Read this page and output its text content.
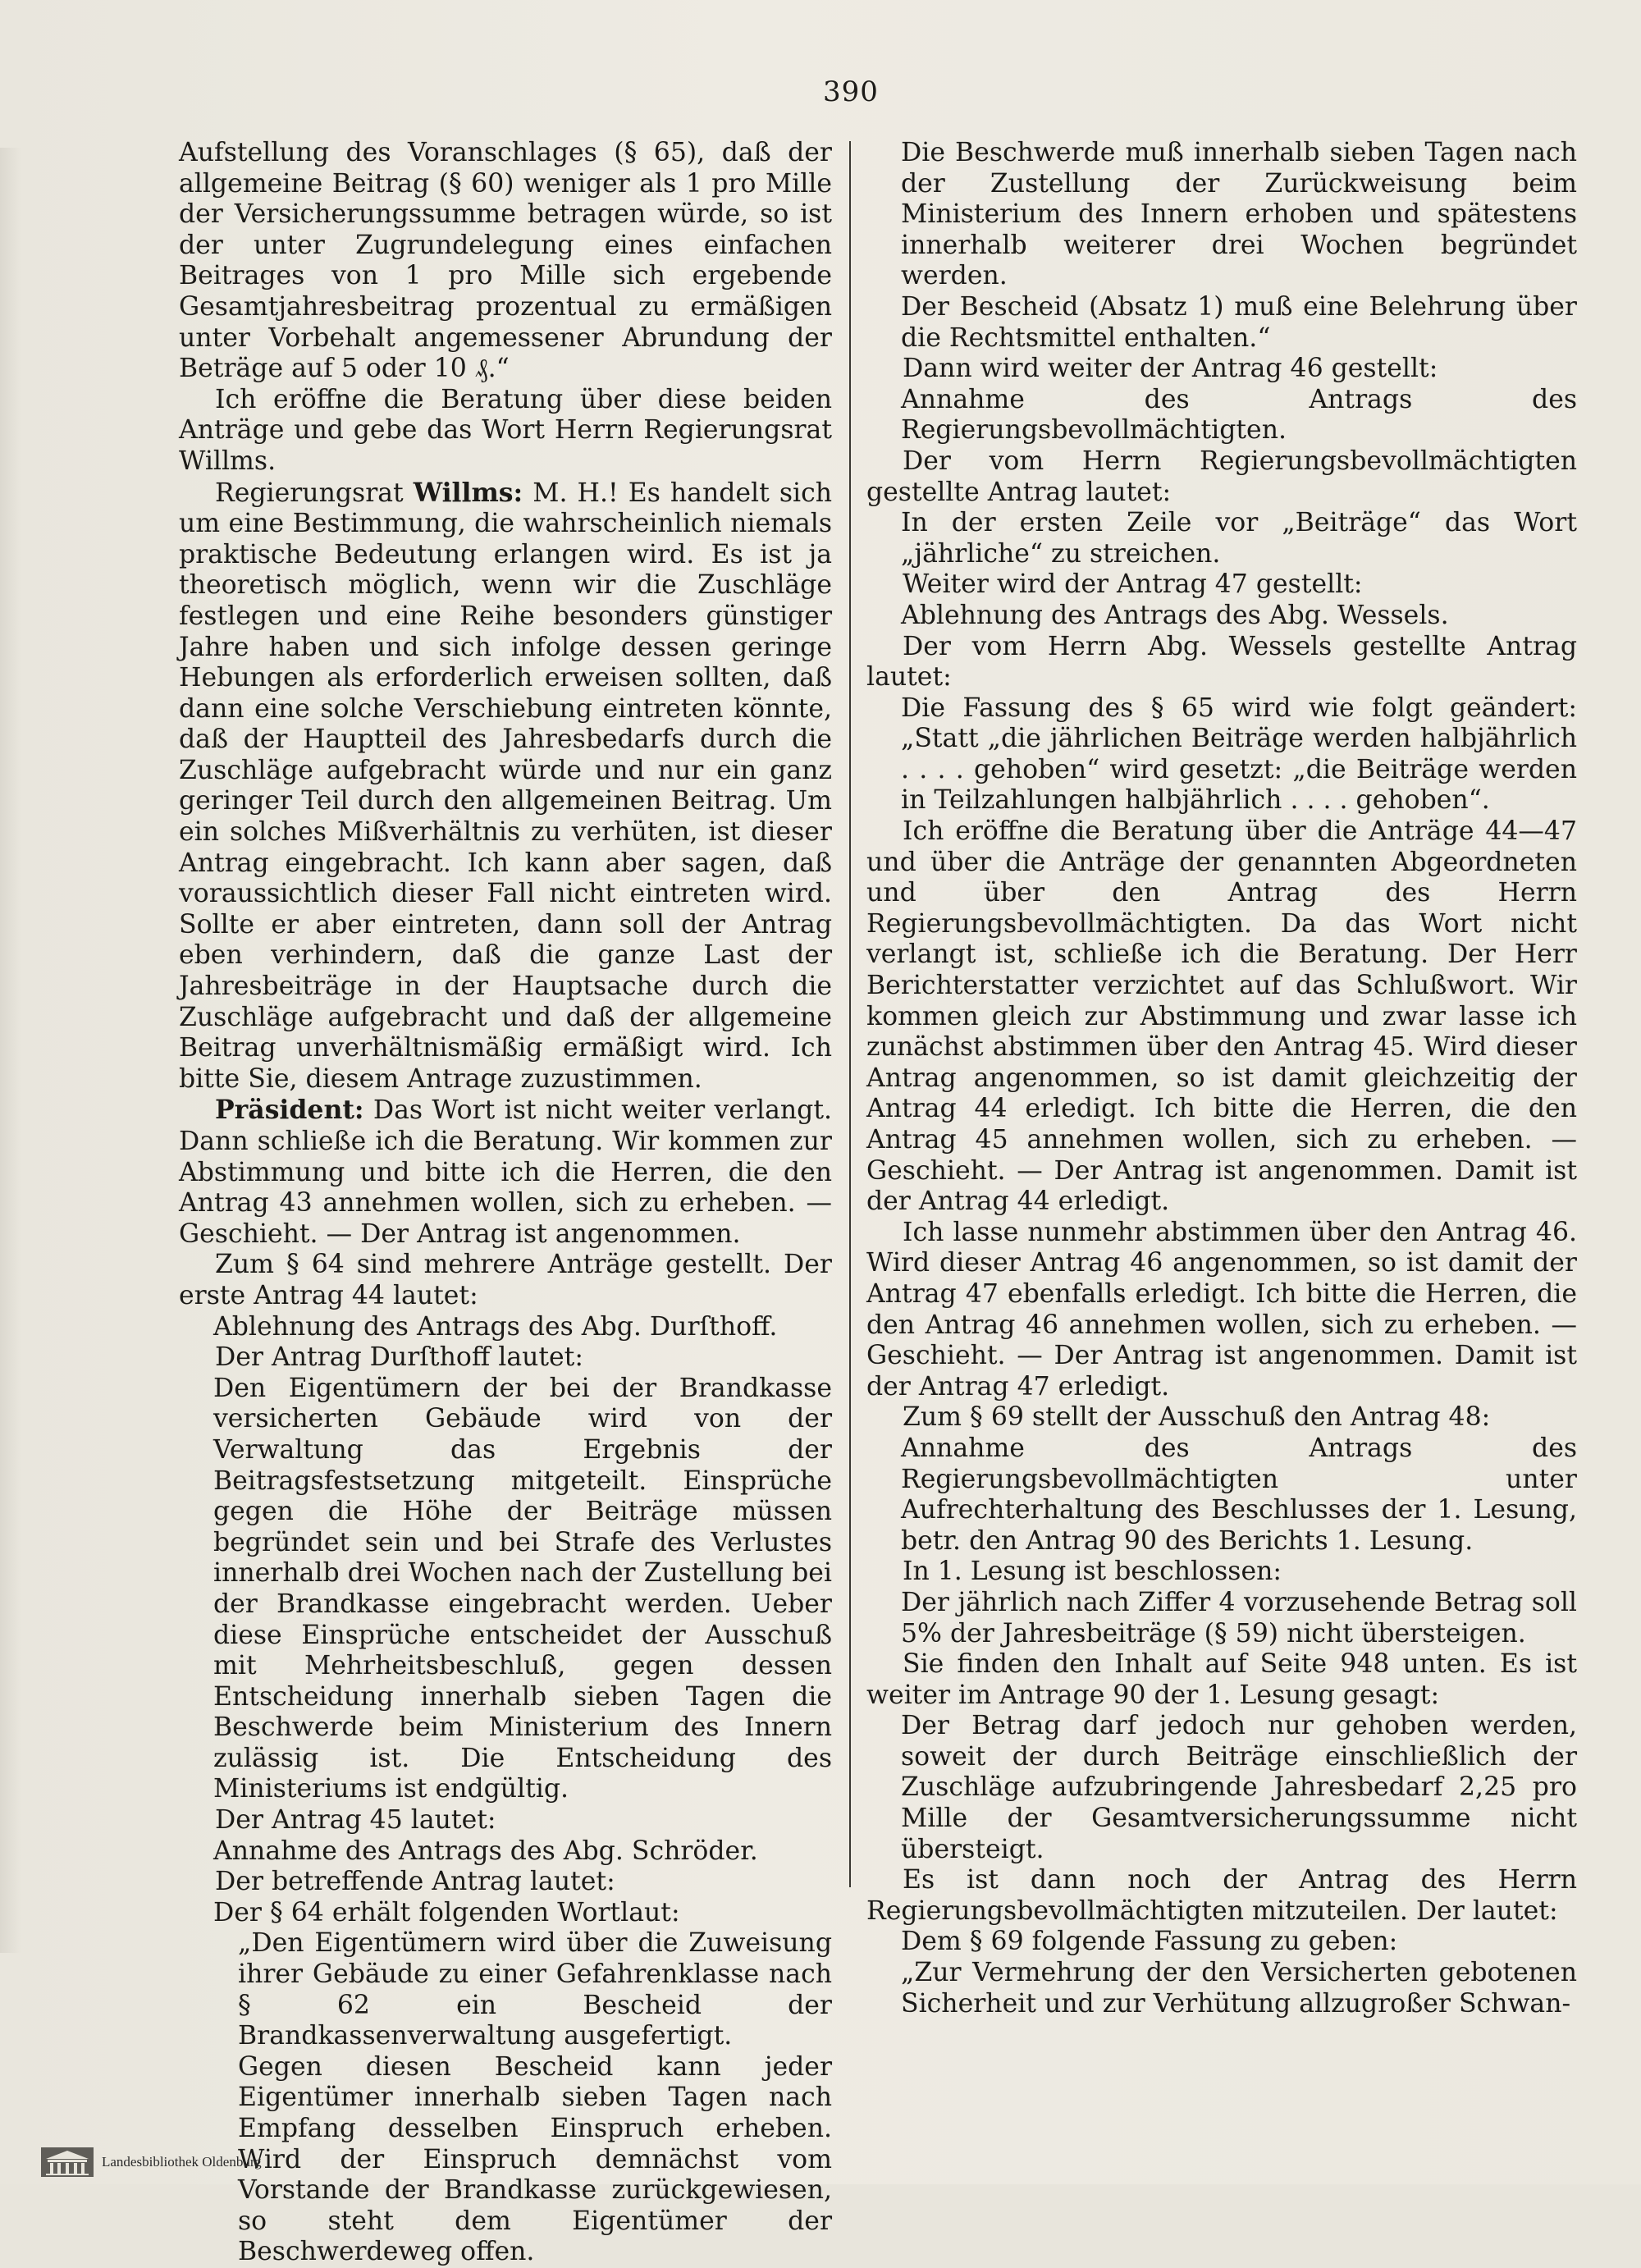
390

Aufstellung des Voranschlages (§ 65), daß der allgemeine Beitrag (§ 60) weniger als 1 pro Mille der Versicherungssumme betragen würde, so ist der unter Zugrundelegung eines einfachen Beitrages von 1 pro Mille sich ergebende Gesamtjahresbeitrag prozentual zu ermäßigen unter Vorbehalt angemessener Abrundung der Beträge auf 5 oder 10 ₰.“

Ich eröffne die Beratung über diese beiden Anträge und gebe das Wort Herrn Regierungsrat Willms.

Regierungsrat Willms: M. H.! Es handelt sich um eine Bestimmung, die wahrscheinlich niemals praktische Bedeutung erlangen wird. Es ist ja theoretisch möglich, wenn wir die Zuschläge festlegen und eine Reihe besonders günstiger Jahre haben und sich infolge dessen geringe Hebungen als erforderlich erweisen sollten, daß dann eine solche Verschiebung eintreten könnte, daß der Hauptteil des Jahresbedarfs durch die Zuschläge aufgebracht würde und nur ein ganz geringer Teil durch den allgemeinen Beitrag. Um ein solches Mißverhältnis zu verhüten, ist dieser Antrag eingebracht. Ich kann aber sagen, daß voraussichtlich dieser Fall nicht eintreten wird. Sollte er aber eintreten, dann soll der Antrag eben verhindern, daß die ganze Last der Jahresbeiträge in der Hauptsache durch die Zuschläge aufgebracht und daß der allgemeine Beitrag unverhältnismäßig ermäßigt wird. Ich bitte Sie, diesem Antrage zuzustimmen.

Präsident: Das Wort ist nicht weiter verlangt. Dann schließe ich die Beratung. Wir kommen zur Abstimmung und bitte ich die Herren, die den Antrag 43 annehmen wollen, sich zu erheben. — Geschieht. — Der Antrag ist angenommen.

Zum § 64 sind mehrere Anträge gestellt. Der erste Antrag 44 lautet:

Ablehnung des Antrags des Abg. Durſthoff.

Der Antrag Durſthoff lautet:

Den Eigentümern der bei der Brandkasse versicherten Gebäude wird von der Verwaltung das Ergebnis der Beitragsfestsetzung mitgeteilt. Einsprüche gegen die Höhe der Beiträge müssen begründet sein und bei Strafe des Verlustes innerhalb drei Wochen nach der Zustellung bei der Brandkasse eingebracht werden. Ueber diese Einsprüche entscheidet der Ausschuß mit Mehrheitsbeschluß, gegen dessen Entscheidung innerhalb sieben Tagen die Beschwerde beim Ministerium des Innern zulässig ist. Die Entscheidung des Ministeriums ist endgültig.

Der Antrag 45 lautet:

Annahme des Antrags des Abg. Schröder.

Der betreffende Antrag lautet:

Der § 64 erhält folgenden Wortlaut:

„Den Eigentümern wird über die Zuweisung ihrer Gebäude zu einer Gefahrenklasse nach § 62 ein Bescheid der Brandkassenverwaltung ausgefertigt.

Gegen diesen Bescheid kann jeder Eigentümer innerhalb sieben Tagen nach Empfang desselben Einspruch erheben. Wird der Einspruch demnächst vom Vorstande der Brandkasse zurückgewiesen, so steht dem Eigentümer der Beschwerdeweg offen.

Die Beschwerde muß innerhalb sieben Tagen nach der Zustellung der Zurückweisung beim Ministerium des Innern erhoben und spätestens innerhalb weiterer drei Wochen begründet werden.

Der Bescheid (Absatz 1) muß eine Belehrung über die Rechtsmittel enthalten.“

Dann wird weiter der Antrag 46 gestellt:

Annahme des Antrags des Regierungsbevollmächtigten.

Der vom Herrn Regierungsbevollmächtigten gestellte Antrag lautet:

In der ersten Zeile vor „Beiträge“ das Wort „jährliche“ zu streichen.

Weiter wird der Antrag 47 gestellt:

Ablehnung des Antrags des Abg. Wessels.

Der vom Herrn Abg. Wessels gestellte Antrag lautet:

Die Fassung des § 65 wird wie folgt geändert: „Statt „die jährlichen Beiträge werden halbjährlich . . . . gehoben“ wird gesetzt: „die Beiträge werden in Teilzahlungen halbjährlich . . . . gehoben“.

Ich eröffne die Beratung über die Anträge 44—47 und über die Anträge der genannten Abgeordneten und über den Antrag des Herrn Regierungsbevollmächtigten. Da das Wort nicht verlangt ist, schließe ich die Beratung. Der Herr Berichterstatter verzichtet auf das Schlußwort. Wir kommen gleich zur Abstimmung und zwar lasse ich zunächst abstimmen über den Antrag 45. Wird dieser Antrag angenommen, so ist damit gleichzeitig der Antrag 44 erledigt. Ich bitte die Herren, die den Antrag 45 annehmen wollen, sich zu erheben. — Geschieht. — Der Antrag ist angenommen. Damit ist der Antrag 44 erledigt.

Ich lasse nunmehr abstimmen über den Antrag 46. Wird dieser Antrag 46 angenommen, so ist damit der Antrag 47 ebenfalls erledigt. Ich bitte die Herren, die den Antrag 46 annehmen wollen, sich zu erheben. — Geschieht. — Der Antrag ist angenommen. Damit ist der Antrag 47 erledigt.

Zum § 69 stellt der Ausschuß den Antrag 48:

Annahme des Antrags des Regierungsbevollmächtigten unter Aufrechterhaltung des Beschlusses der 1. Lesung, betr. den Antrag 90 des Berichts 1. Lesung.

In 1. Lesung ist beschlossen:

Der jährlich nach Ziffer 4 vorzusehende Betrag soll 5% der Jahresbeiträge (§ 59) nicht übersteigen.

Sie finden den Inhalt auf Seite 948 unten. Es ist weiter im Antrage 90 der 1. Lesung gesagt:

Der Betrag darf jedoch nur gehoben werden, soweit der durch Beiträge einschließlich der Zuschläge aufzubringende Jahresbedarf 2,25 pro Mille der Gesamtversicherungssumme nicht übersteigt.

Es ist dann noch der Antrag des Herrn Regierungsbevollmächtigten mitzuteilen. Der lautet:

Dem § 69 folgende Fassung zu geben:

„Zur Vermehrung der den Versicherten gebotenen Sicherheit und zur Verhütung allzugroßer Schwan-

Landesbibliothek Oldenburg
